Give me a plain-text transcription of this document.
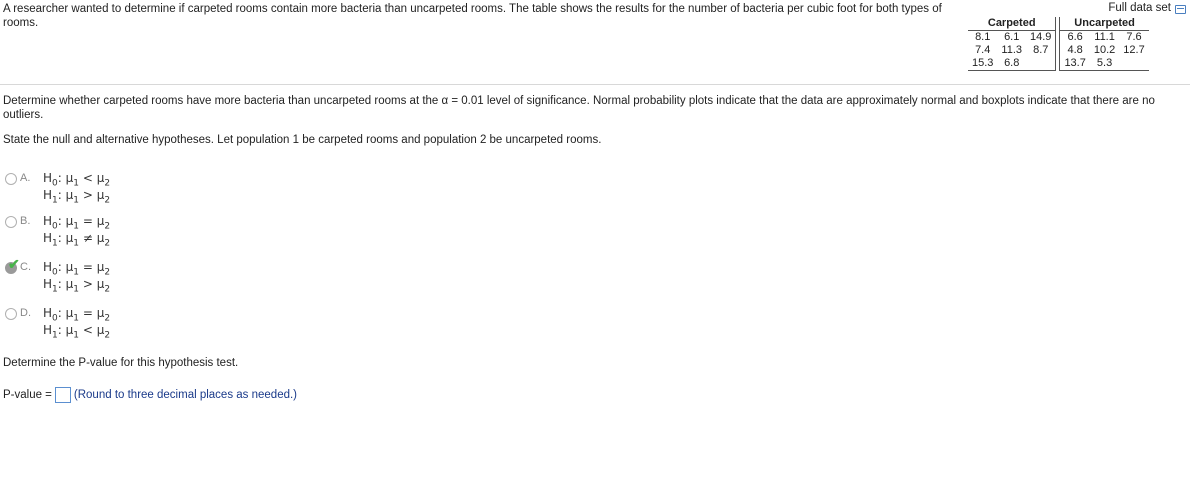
A researcher wanted to determine if carpeted rooms contain more bacteria than uncarpeted rooms. The table shows the results for the number of bacteria per cubic foot for both types of rooms.
Full data set
Carpeted				Uncarpeted		
8.1	6.1	14.9		6.6	11.1	7.6
7.4	11.3	8.7		4.8	10.2	12.7
15.3	6.8			13.7	5.3	
Determine whether carpeted rooms have more bacteria than uncarpeted rooms at the α = 0.01 level of significance. Normal probability plots indicate that the data are approximately normal and boxplots indicate that there are no outliers.
State the null and alternative hypotheses. Let population 1 be carpeted rooms and population 2 be uncarpeted rooms.
A. $H_0$: $\mu_1 < \mu_2$
$H_1$: $\mu_1 > \mu_2$
B. $H_0$: $\mu_1 = \mu_2$
$H_1$: $\mu_1 \ne \mu_2$
✔ C. $H_0$: $\mu_1 = \mu_2$
$H_1$: $\mu_1 > \mu_2$
D. $H_0$: $\mu_1 = \mu_2$
$H_1$: $\mu_1 < \mu_2$
Determine the P-value for this hypothesis test.
P-value = (Round to three decimal places as needed.)
